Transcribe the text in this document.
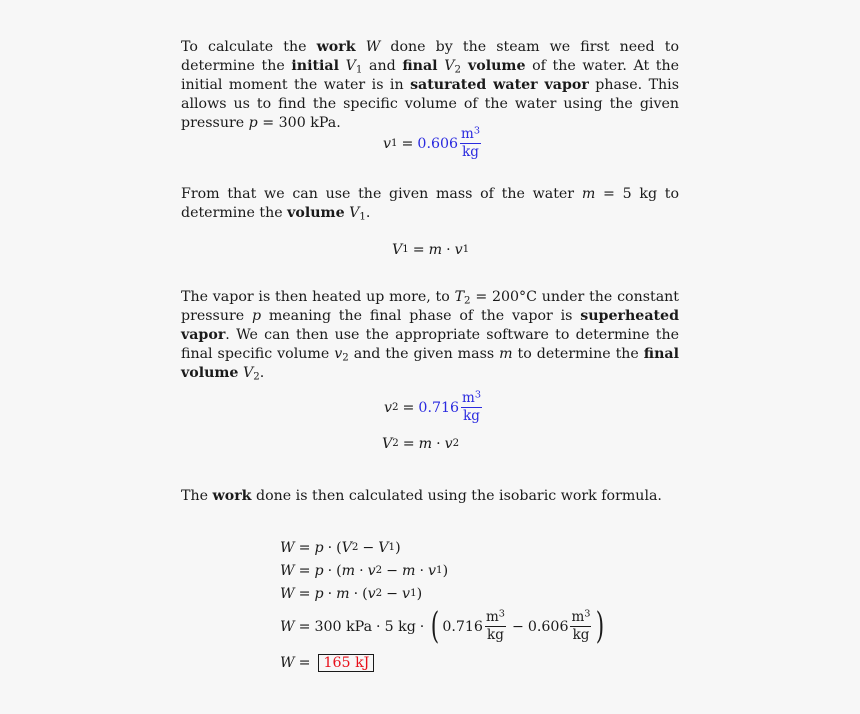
To calculate the work W done by the steam we first need to determine the initial $V_1$ and final $V_2$ volume of the water. At the initial moment the water is in saturated water vapor phase. This allows us to find the specific volume of the water using the given pressure p = 300 kPa.
v $1 = 0.606 \frac{m^3}{kg}$
From that we can use the given mass of the water m = 5 kg to determine the volume $V_1$.
V 1 = m · v 1
The vapor is then heated up more, to $T_2 = 200^\circ C$ under the constant pressure p meaning the final phase of the vapor is superheated vapor. We can then use the appropriate software to determine the final specific volume $v_2$ and the given mass m to determine the final volume $V_2$.
v $2 = 0.716 \frac{m^3}{kg}$
V 2 = m · v 2
The work done is then calculated using the isobaric work formula.
W = p · ( V 2 − V 1 )
W = p · ( m · v 2 − m · v 1 )
W = p · m · ( v 2 − v 1 )
W = 300 kPa · 5 kg · ( $0.716 \frac{m^3}{kg} - 0.606 \frac{m^3}{kg}$ )
W = 165 kJ
